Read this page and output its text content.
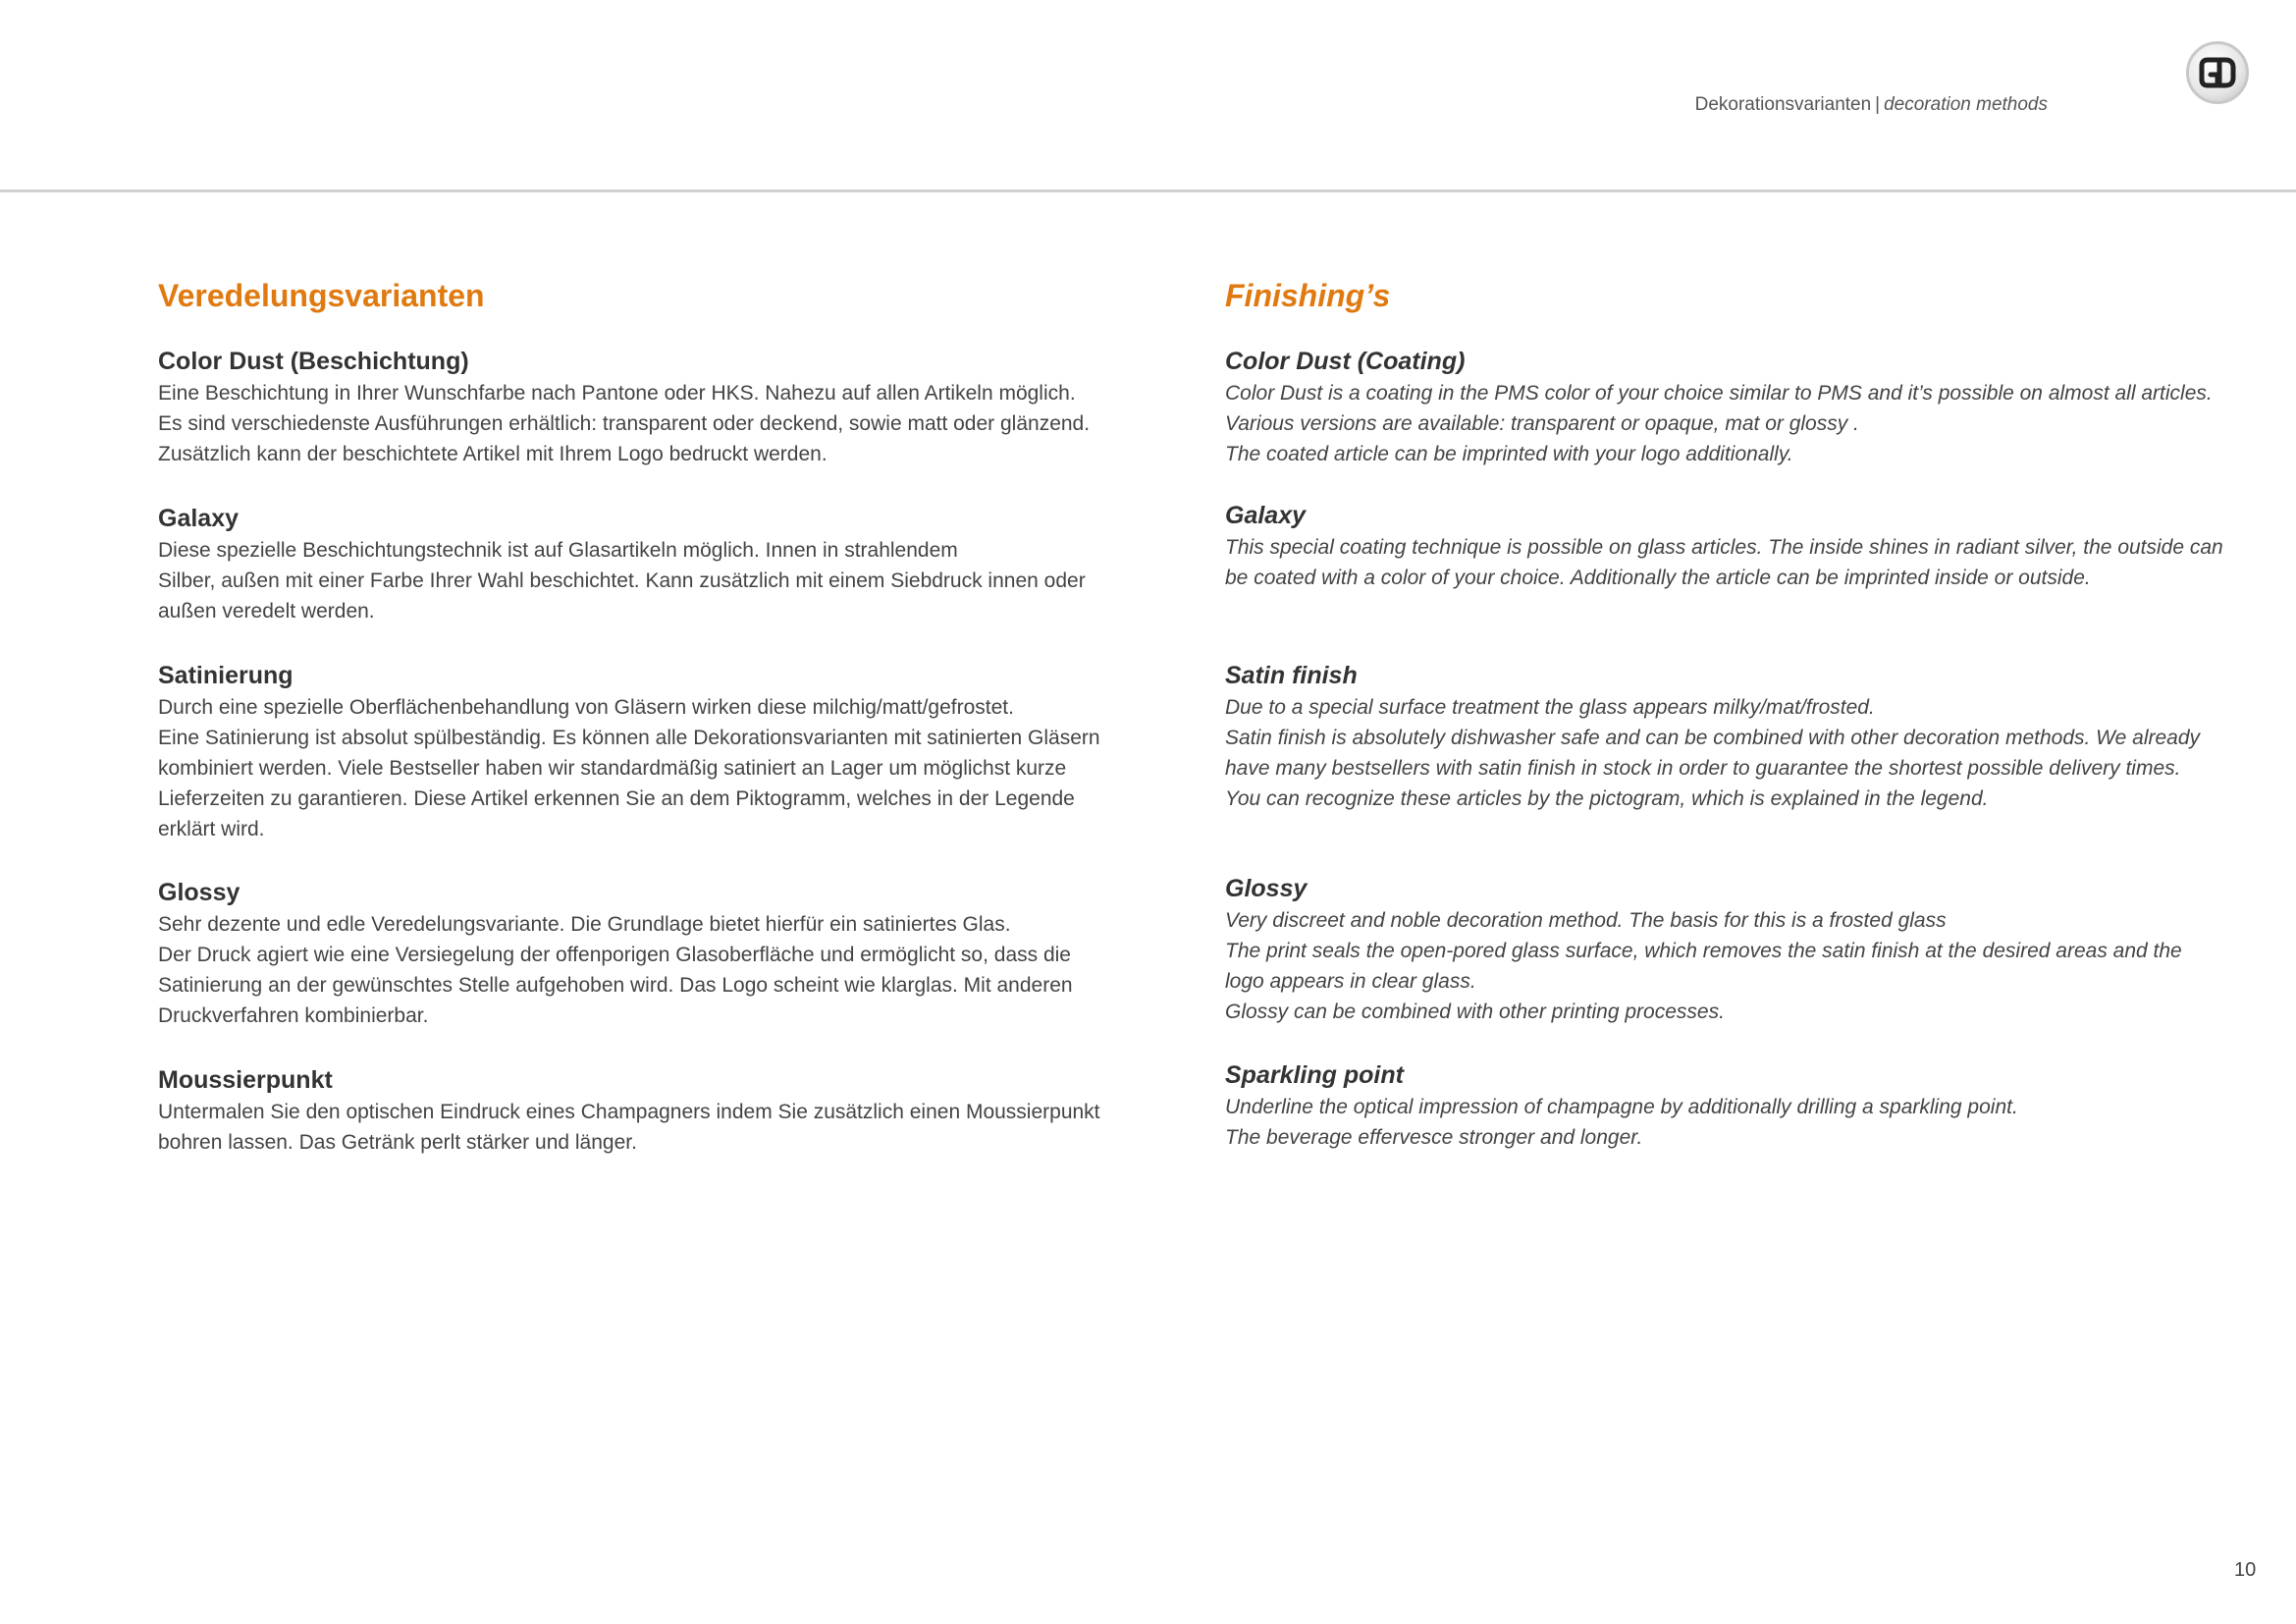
Dekorationsvarianten | decoration methods
Veredelungsvarianten

Color Dust (Beschichtung)

Eine Beschichtung in Ihrer Wunschfarbe nach Pantone oder HKS. Nahezu auf allen Artikeln möglich.

Es sind verschiedenste Ausführungen erhältlich: transparent oder deckend, sowie matt oder glänzend.

Zusätzlich kann der beschichtete Artikel mit Ihrem Logo bedruckt werden.

Galaxy

Diese spezielle Beschichtungstechnik ist auf Glasartikeln möglich. Innen in strahlendem

Silber, außen mit einer Farbe Ihrer Wahl beschichtet. Kann zusätzlich mit einem Siebdruck innen oder

außen veredelt werden.

Satinierung

Durch eine spezielle Oberflächenbehandlung von Gläsern wirken diese milchig/matt/gefrostet.

Eine Satinierung ist absolut spülbeständig. Es können alle Dekorationsvarianten mit satinierten Gläsern

kombiniert werden. Viele Bestseller haben wir standardmäßig satiniert an Lager um möglichst kurze

Lieferzeiten zu garantieren. Diese Artikel erkennen Sie an dem Piktogramm, welches in der Legende

erklärt wird.

Glossy

Sehr dezente und edle Veredelungsvariante. Die Grundlage bietet hierfür ein satiniertes Glas.

Der Druck agiert wie eine Versiegelung der offenporigen Glasoberfläche und ermöglicht so, dass die

Satinierung an der gewünschtes Stelle aufgehoben wird. Das Logo scheint wie klarglas. Mit anderen

Druckverfahren kombinierbar.

Moussierpunkt

Untermalen Sie den optischen Eindruck eines Champagners indem Sie zusätzlich einen Moussierpunkt

bohren lassen. Das Getränk perlt stärker und länger.

Finishing’s

Color Dust (Coating)

Color Dust is a coating in the PMS color of your choice similar to PMS and it’s possible on almost all articles.

Various versions are available: transparent or opaque, mat or glossy .

The coated article can be imprinted with your logo additionally.

Galaxy

This special coating technique is possible on glass articles. The inside shines in radiant silver, the outside can

be coated with a color of your choice. Additionally the article can be imprinted inside or outside.

Satin finish

Due to a special surface treatment the glass appears milky/mat/frosted.

Satin finish is absolutely dishwasher safe and can be combined with other decoration methods. We already

have many bestsellers with satin finish in stock in order to guarantee the shortest possible delivery times.

You can recognize these articles by the pictogram, which is explained in the legend.

Glossy

Very discreet and noble decoration method. The basis for this is a frosted glass

The print seals the open-pored glass surface, which removes the satin finish at the desired areas and the

logo appears in clear glass.

Glossy can be combined with other printing processes.

Sparkling point

Underline the optical impression of champagne by additionally drilling a sparkling point.

The beverage effervesce stronger and longer.

10
